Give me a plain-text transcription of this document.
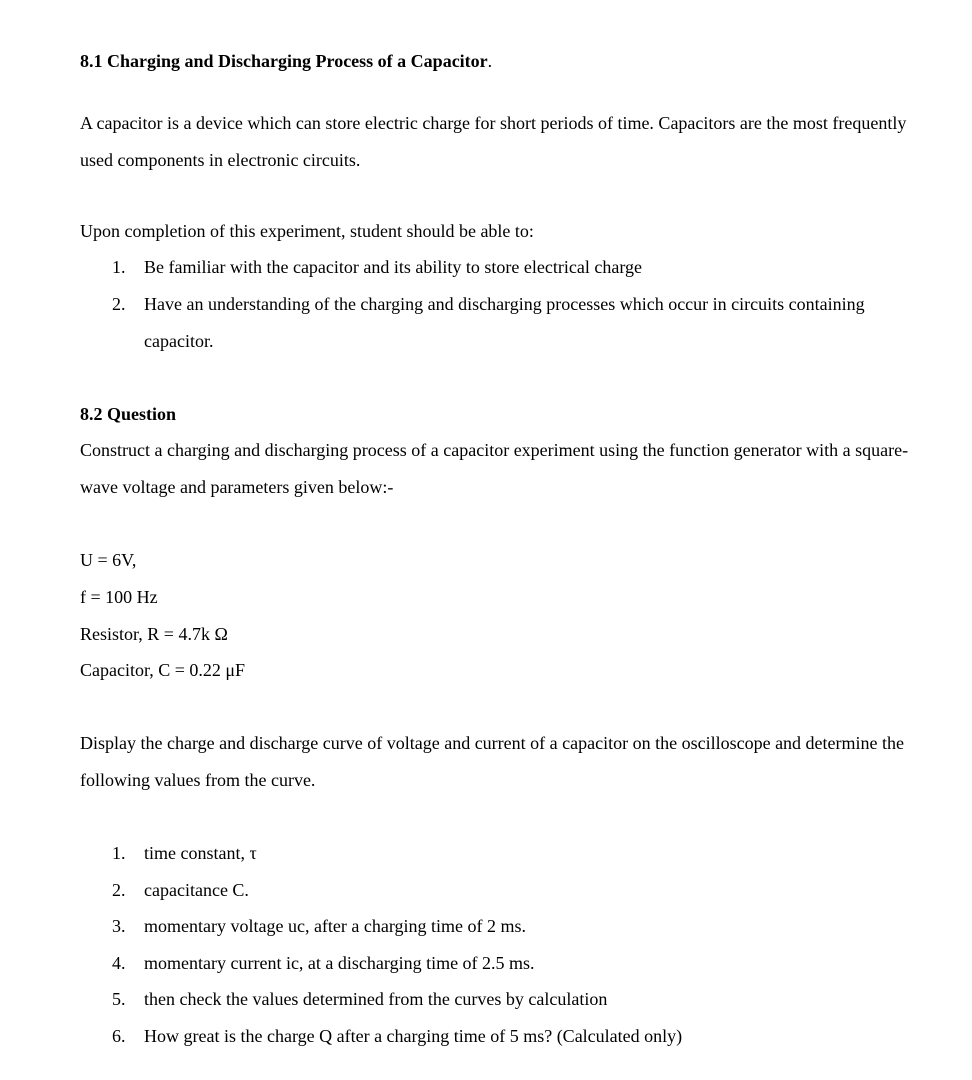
8.1 Charging and Discharging Process of a Capacitor.
A capacitor is a device which can store electric charge for short periods of time. Capacitors are the most frequently used components in electronic circuits.
Upon completion of this experiment, student should be able to:
1. Be familiar with the capacitor and its ability to store electrical charge
2. Have an understanding of the charging and discharging processes which occur in circuits containing capacitor.
8.2 Question
Construct a charging and discharging process of a capacitor experiment using the function generator with a square-wave voltage and parameters given below:-
U = 6V,
f = 100 Hz
Resistor, R = 4.7k Ω
Capacitor, C = 0.22 μF
Display the charge and discharge curve of voltage and current of a capacitor on the oscilloscope and determine the following values from the curve.
1. time constant, τ
2. capacitance C.
3. momentary voltage uc, after a charging time of 2 ms.
4. momentary current ic, at a discharging time of 2.5 ms.
5. then check the values determined from the curves by calculation
6. How great is the charge Q after a charging time of 5 ms? (Calculated only)
